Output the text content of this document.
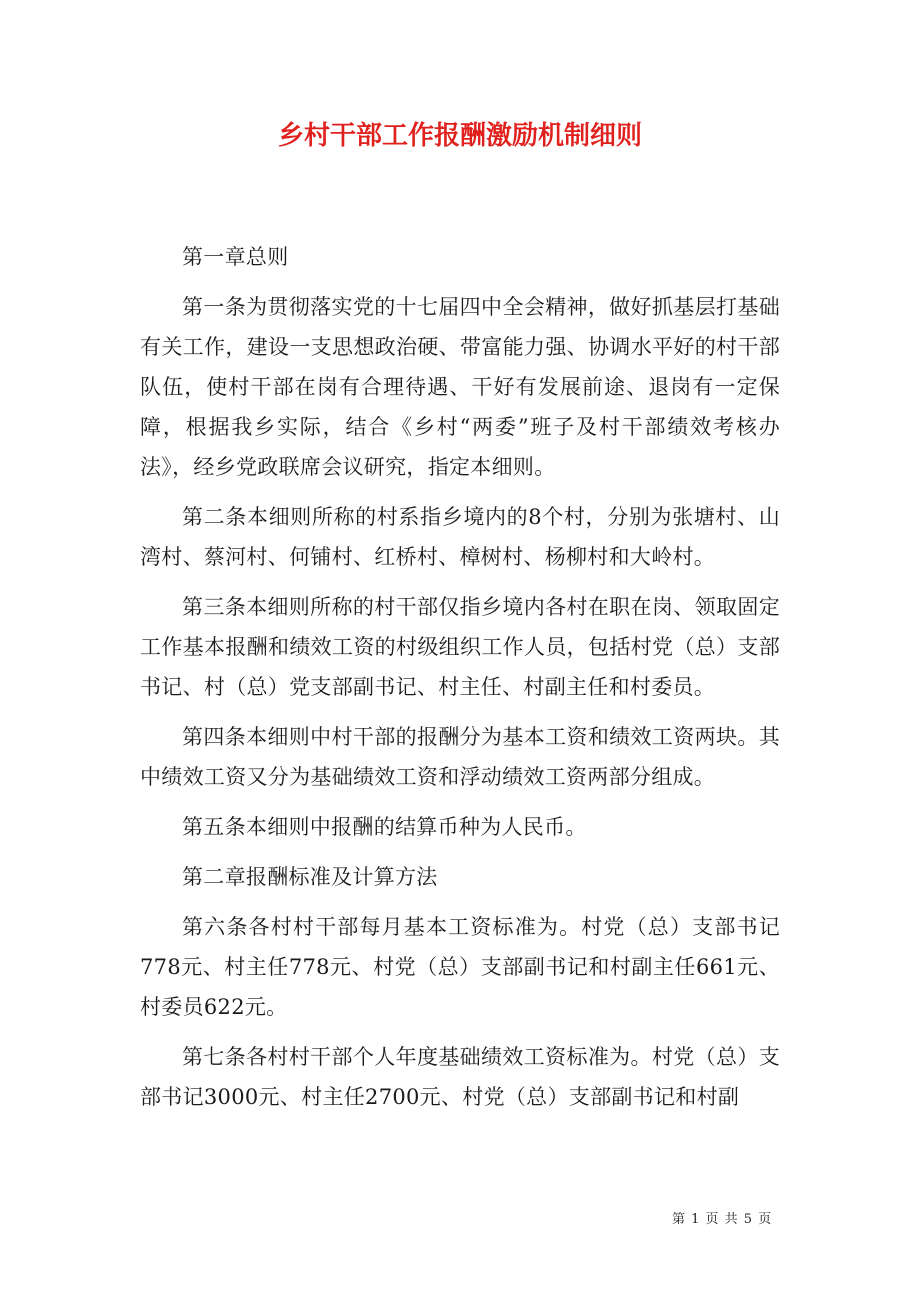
乡村干部工作报酬激励机制细则

第一章总则

第一条为贯彻落实党的十七届四中全会精神，做好抓基层打基础有关工作，建设一支思想政治硬、带富能力强、协调水平好的村干部队伍，使村干部在岗有合理待遇、干好有发展前途、退岗有一定保障，根据我乡实际，结合《乡村“两委”班子及村干部绩效考核办法》，经乡党政联席会议研究，指定本细则。

第二条本细则所称的村系指乡境内的8个村，分别为张塘村、山湾村、蔡河村、何铺村、红桥村、樟树村、杨柳村和大岭村。

第三条本细则所称的村干部仅指乡境内各村在职在岗、领取固定工作基本报酬和绩效工资的村级组织工作人员，包括村党（总）支部书记、村（总）党支部副书记、村主任、村副主任和村委员。

第四条本细则中村干部的报酬分为基本工资和绩效工资两块。其中绩效工资又分为基础绩效工资和浮动绩效工资两部分组成。

第五条本细则中报酬的结算币种为人民币。

第二章报酬标准及计算方法

第六条各村村干部每月基本工资标准为。村党（总）支部书记778元、村主任778元、村党（总）支部副书记和村副主任661元、村委员622元。

第七条各村村干部个人年度基础绩效工资标准为。村党（总）支部书记3000元、村主任2700元、村党（总）支部副书记和村副

第 1 页 共 5 页
